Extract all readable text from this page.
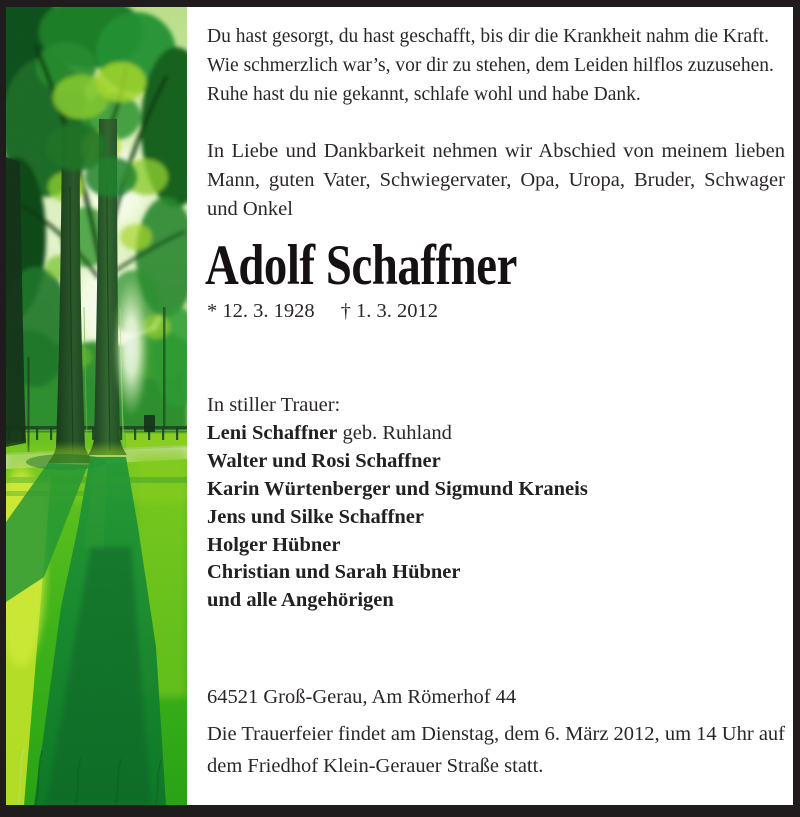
Du hast gesorgt, du hast geschafft, bis dir die Krankheit nahm die Kraft.
Wie schmerzlich war’s, vor dir zu stehen, dem Leiden hilflos zuzusehen.
Ruhe hast du nie gekannt, schlafe wohl und habe Dank.
In Liebe und Dankbarkeit nehmen wir Abschied von meinem lieben Mann, guten Vater, Schwiegervater, Opa, Uropa, Bruder, Schwager und Onkel
Adolf Schaffner
* 12. 3. 1928 † 1. 3. 2012
In stiller Trauer:
Leni Schaffner geb. Ruhland
Walter und Rosi Schaffner
Karin Würtenberger und Sigmund Kraneis
Jens und Silke Schaffner
Holger Hübner
Christian und Sarah Hübner
und alle Angehörigen
64521 Groß-Gerau, Am Römerhof 44
Die Trauerfeier findet am Dienstag, dem 6. März 2012, um 14 Uhr auf dem Friedhof Klein-Gerauer Straße statt.
